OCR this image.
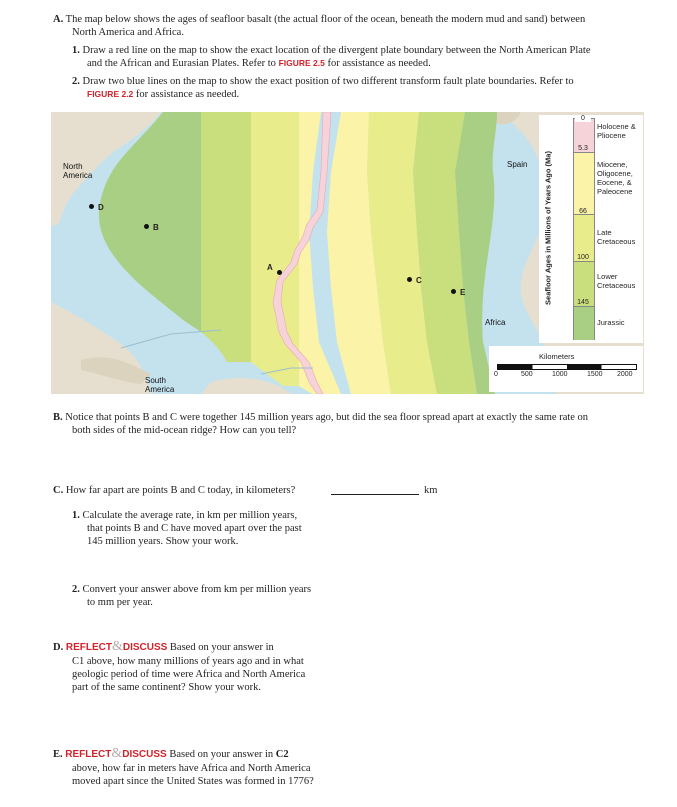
A. The map below shows the ages of seafloor basalt (the actual floor of the ocean, beneath the modern mud and sand) between
North America and Africa.
1. Draw a red line on the map to show the exact location of the divergent plate boundary between the North American Plate
and the African and Eurasian Plates. Refer to FIGURE 2.5 for assistance as needed.
2. Draw two blue lines on the map to show the exact position of two different transform fault plate boundaries. Refer to
FIGURE 2.2 for assistance as needed.
North
America
Spain
Africa
South
America
D
B
A
C
E	Seafloor Ages in Millions of Years Ago (Ma)
0
5.3
66
100
145
Holocene &
Pliocene
Miocene,
Oligocene,
Eocene, &
Paleocene
Late
Cretaceous
Lower
Cretaceous
Jurassic
Kilometers
0	500	1000	1500 2000
B. Notice that points B and C were together 145 million years ago, but did the sea floor spread apart at exactly the same rate on
both sides of the mid-ocean ridge? How can you tell?
C. How far apart are points B and C today, in kilometers?	km
1. Calculate the average rate, in km per million years,
that points B and C have moved apart over the past
145 million years. Show your work.
2. Convert your answer above from km per million years
to mm per year.
D. REFLECT&DISCUSS Based on your answer in
C1 above, how many millions of years ago and in what
geologic period of time were Africa and North America
part of the same continent? Show your work.
E. REFLECT&DISCUSS Based on your answer in C2
above, how far in meters have Africa and North America
moved apart since the United States was formed in 1776?
